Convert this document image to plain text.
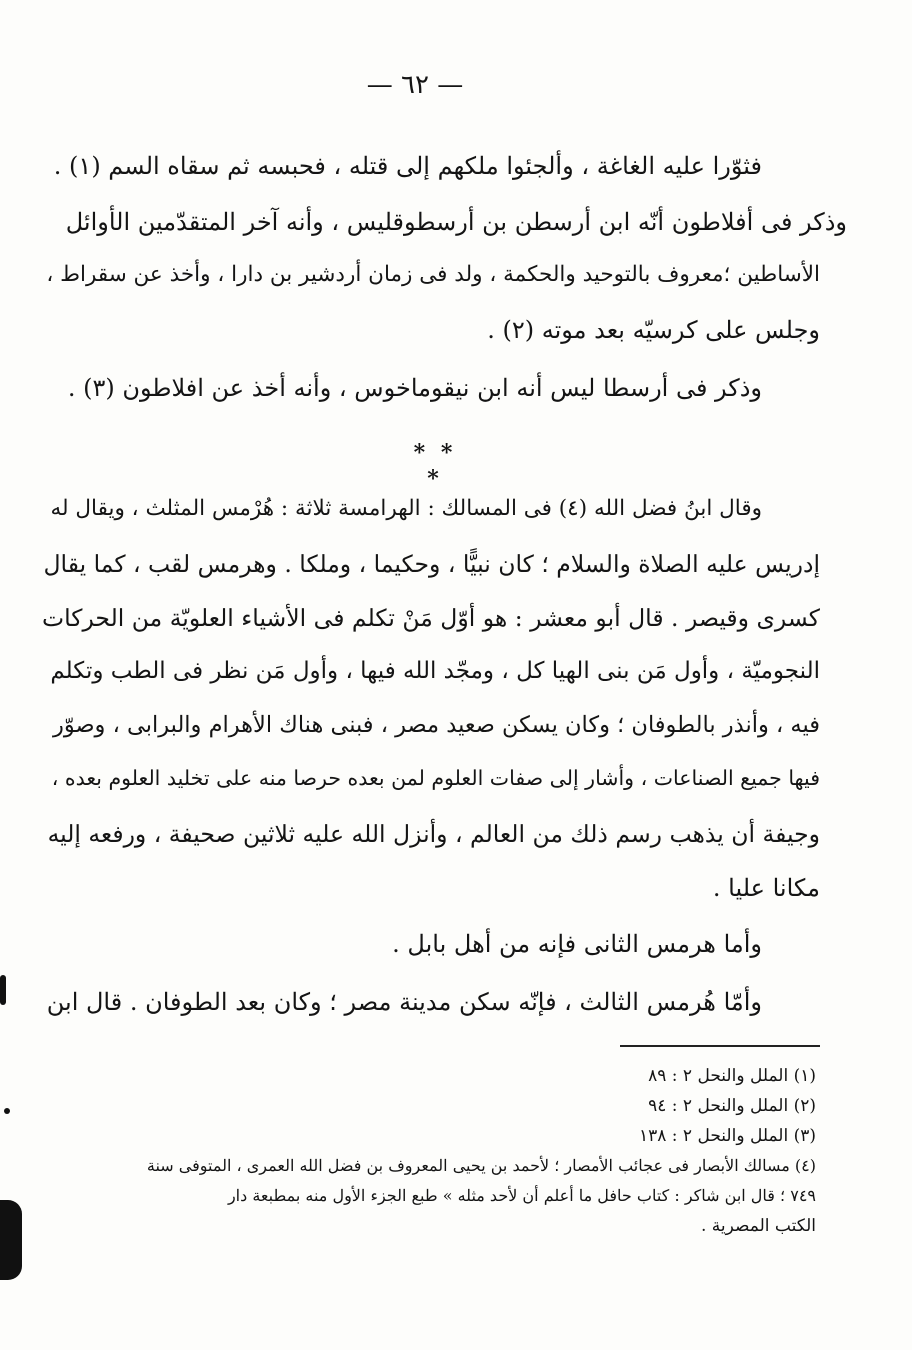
— ٦٢ —
فثوّرا عليه الغاغة ، وألجئوا ملكهم إلى قتله ، فحبسه ثم سقاه السم (١) .
وذكر فى أفلاطون أنّه ابن أرسطن بن أرسطوقليس ، وأنه آخر المتقدّمين الأوائل
الأساطين ؛معروف بالتوحيد والحكمة ، ولد فى زمان أردشير بن دارا ، وأخذ عن سقراط ،
وجلس على كرسيّه بعد موته (٢) .
وذكر فى أرسطا ليس أنه ابن نيقوماخوس ، وأنه أخذ عن افلاطون (٣) .
* * *
وقال ابنُ فضل الله (٤) فى المسالك : الهرامسة ثلاثة : هُرْمس المثلث ، ويقال له
إدريس عليه الصلاة والسلام ؛ كان نبيًّا ، وحكيما ، وملكا . وهرمس لقب ، كما يقال
كسرى وقيصر . قال أبو معشر : هو أوّل مَنْ تكلم فى الأشياء العلويّة من الحركات
النجوميّة ، وأول مَن بنى الهيا كل ، ومجّد الله فيها ، وأول مَن نظر فى الطب وتكلم
فيه ، وأنذر بالطوفان ؛ وكان يسكن صعيد مصر ، فبنى هناك الأهرام والبرابى ، وصوّر
فيها جميع الصناعات ، وأشار إلى صفات العلوم لمن بعده حرصا منه على تخليد العلوم بعده ،
وجيفة أن يذهب رسم ذلك من العالم ، وأنزل الله عليه ثلاثين صحيفة ، ورفعه إليه
مكانا عليا .
وأما هرمس الثانى فإنه من أهل بابل .
وأمّا هُرمس الثالث ، فإنّه سكن مدينة مصر ؛ وكان بعد الطوفان . قال ابن
(١) الملل والنحل ٢ : ٨٩
(٢) الملل والنحل ٢ : ٩٤
(٣) الملل والنحل ٢ : ١٣٨
(٤) مسالك الأبصار فى عجائب الأمصار ؛ لأحمد بن يحيى المعروف بن فضل الله العمرى ، المتوفى سنة
٧٤٩ ؛ قال ابن شاكر : كتاب حافل ما أعلم أن لأحد مثله » طبع الجزء الأول منه بمطبعة دار
الكتب المصرية .
